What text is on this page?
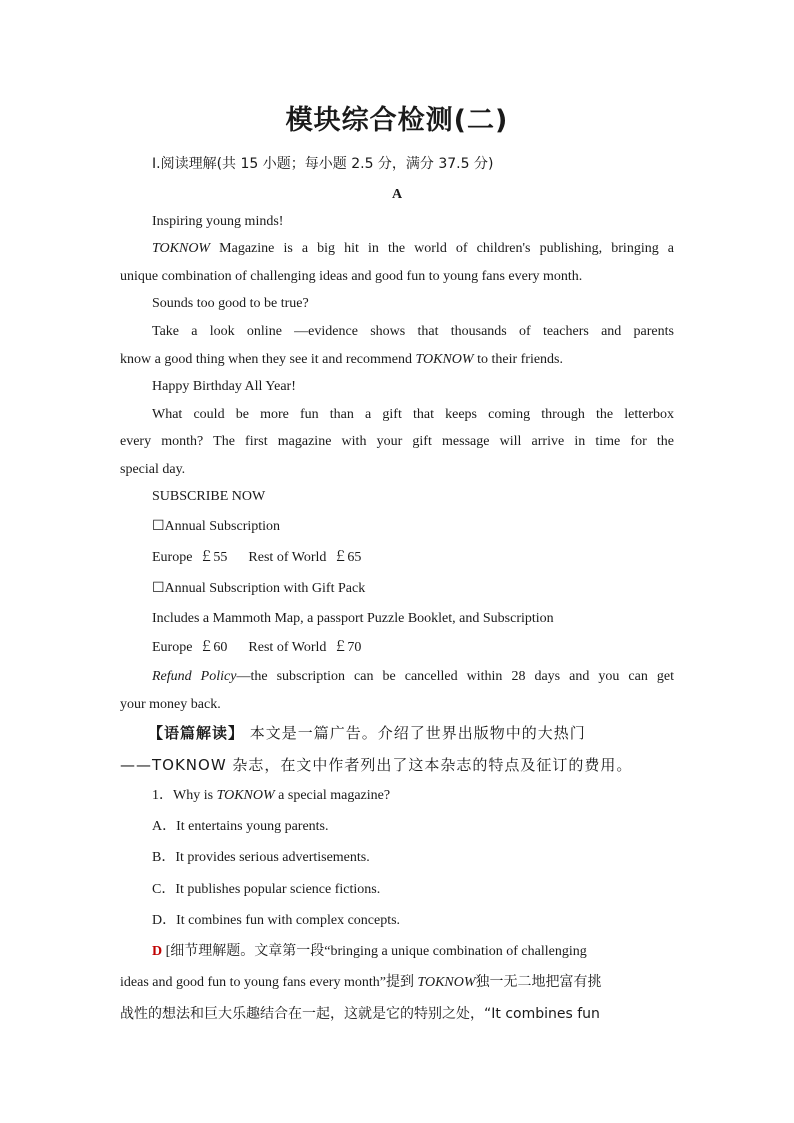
模块综合检测(二)
Ⅰ.阅读理解(共 15 小题；每小题 2.5 分，满分 37.5 分)
A
Inspiring young minds!
TOKNOW Magazine is a big hit in the world of children's publishing, bringing a
unique combination of challenging ideas and good fun to young fans every month.
Sounds too good to be true?
Take a look online —evidence shows that thousands of teachers and parents
know a good thing when they see it and recommend TOKNOW to their friends.
Happy Birthday All Year!
What could be more fun than a gift that keeps coming through the letterbox
every month? The first magazine with your gift message will arrive in time for the
special day.
SUBSCRIBE NOW
☐Annual Subscription
Europe  ￡55      Rest of World  ￡65
☐Annual Subscription with Gift Pack
Includes a Mammoth Map, a passport Puzzle Booklet, and Subscription
Europe  ￡60      Rest of World  ￡70
Refund Policy—the subscription can be cancelled within 28 days and you can get
your money back.
【语篇解读】 本文是一篇广告。介绍了世界出版物中的大热门
——TOKNOW 杂志，在文中作者列出了这本杂志的特点及征订的费用。
1．Why is TOKNOW a special magazine?
A．It entertains young parents.
B．It provides serious advertisements.
C．It publishes popular science fictions.
D．It combines fun with complex concepts.
D [细节理解题。文章第一段“bringing a unique combination of challenging
ideas and good fun to young fans every month”提到 TOKNOW独一无二地把富有挑
战性的想法和巨大乐趣结合在一起，这就是它的特别之处，“It combines fun
